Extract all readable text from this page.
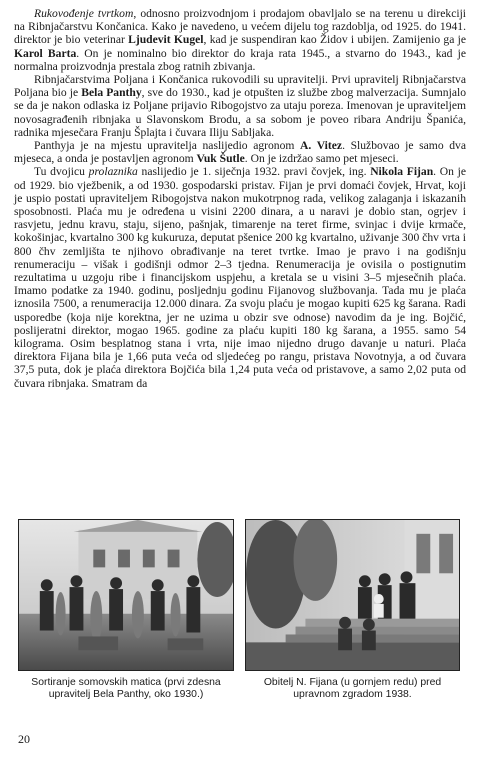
Rukovođenje tvrtkom, odnosno proizvodnjom i prodajom obavljalo se na terenu u direkciji na Ribnjačarstvu Končanica. Kako je navedeno, u većem dijelu tog razdoblja, od 1925. do 1941. direktor je bio veterinar Ljudevit Kugel, kad je suspendiran kao Židov i ubijen. Zamijenio ga je Karol Barta. On je nominalno bio direktor do kraja rata 1945., a stvarno do 1943., kad je normalna proizvodnja prestala zbog ratnih zbivanja.

Ribnjačarstvima Poljana i Končanica rukovodili su upravitelji. Prvi upravitelj Ribnjačarstva Poljana bio je Bela Panthy, sve do 1930., kad je otpušten iz službe zbog malverzacija. Sumnjalo se da je nakon odlaska iz Poljane prijavio Ribogojstvo za utaju poreza. Imenovan je upraviteljem novosagrađenih ribnjaka u Slavonskom Brodu, a sa sobom je poveo ribara Andriju Španića, radnika mjesečara Franju Šplajta i čuvara Iliju Sabljaka.

Panthyja je na mjestu upravitelja naslijedio agronom A. Vitez. Službovao je samo dva mjeseca, a onda je postavljen agronom Vuk Šutle. On je izdržao samo pet mjeseci.

Tu dvojicu prolaznika naslijedio je 1. siječnja 1932. pravi čovjek, ing. Nikola Fijan. On je od 1929. bio vježbenik, a od 1930. gospodarski pristav. Fijan je prvi domaći čovjek, Hrvat, koji je uspio postati upraviteljem Ribogojstva nakon mukotrpnog rada, velikog zalaganja i iskazanih sposobnosti. Plaća mu je određena u visini 2200 dinara, a u naravi je dobio stan, ogrjev i rasvjetu, jednu kravu, staju, sijeno, pašnjak, timarenje na teret firme, svinjac i dvije krmače, kokošinjac, kvartalno 300 kg kukuruza, deputat pšenice 200 kg kvartalno, uživanje 300 čhv vrta i 800 čhv zemljišta te njihovo obrađivanje na teret tvrtke. Imao je pravo i na godišnju renumeraciju – višak i godišnji odmor 2–3 tjedna. Renumeracija je ovisila o postignutim rezultatima u uzgoju ribe i financijskom uspjehu, a kretala se u visini 3–5 mjesečnih plaća. Imamo podatke za 1940. godinu, posljednju godinu Fijanovog službovanja. Tada mu je plaća iznosila 7500, a renumeracija 12.000 dinara. Za svoju plaću je mogao kupiti 625 kg šarana. Radi usporedbe (koja nije korektna, jer ne uzima u obzir sve odnose) navodim da je ing. Bojčić, poslijeratni direktor, mogao 1965. godine za plaću kupiti 180 kg šarana, a 1955. samo 54 kilograma. Osim besplatnog stana i vrta, nije imao nijedno drugo davanje u naturi. Plaća direktora Fijana bila je 1,66 puta veća od sljedećeg po rangu, pristava Novotnyja, a od čuvara 37,5 puta, dok je plaća direktora Bojčića bila 1,24 puta veća od pristavove, a samo 2,02 puta od čuvara ribnjaka. Smatram da

Sortiranje somovskih matica (prvi zdesna upravitelj Bela Panthy, oko 1930.)
Obitelj N. Fijana (u gornjem redu) pred upravnom zgradom 1938.
20
